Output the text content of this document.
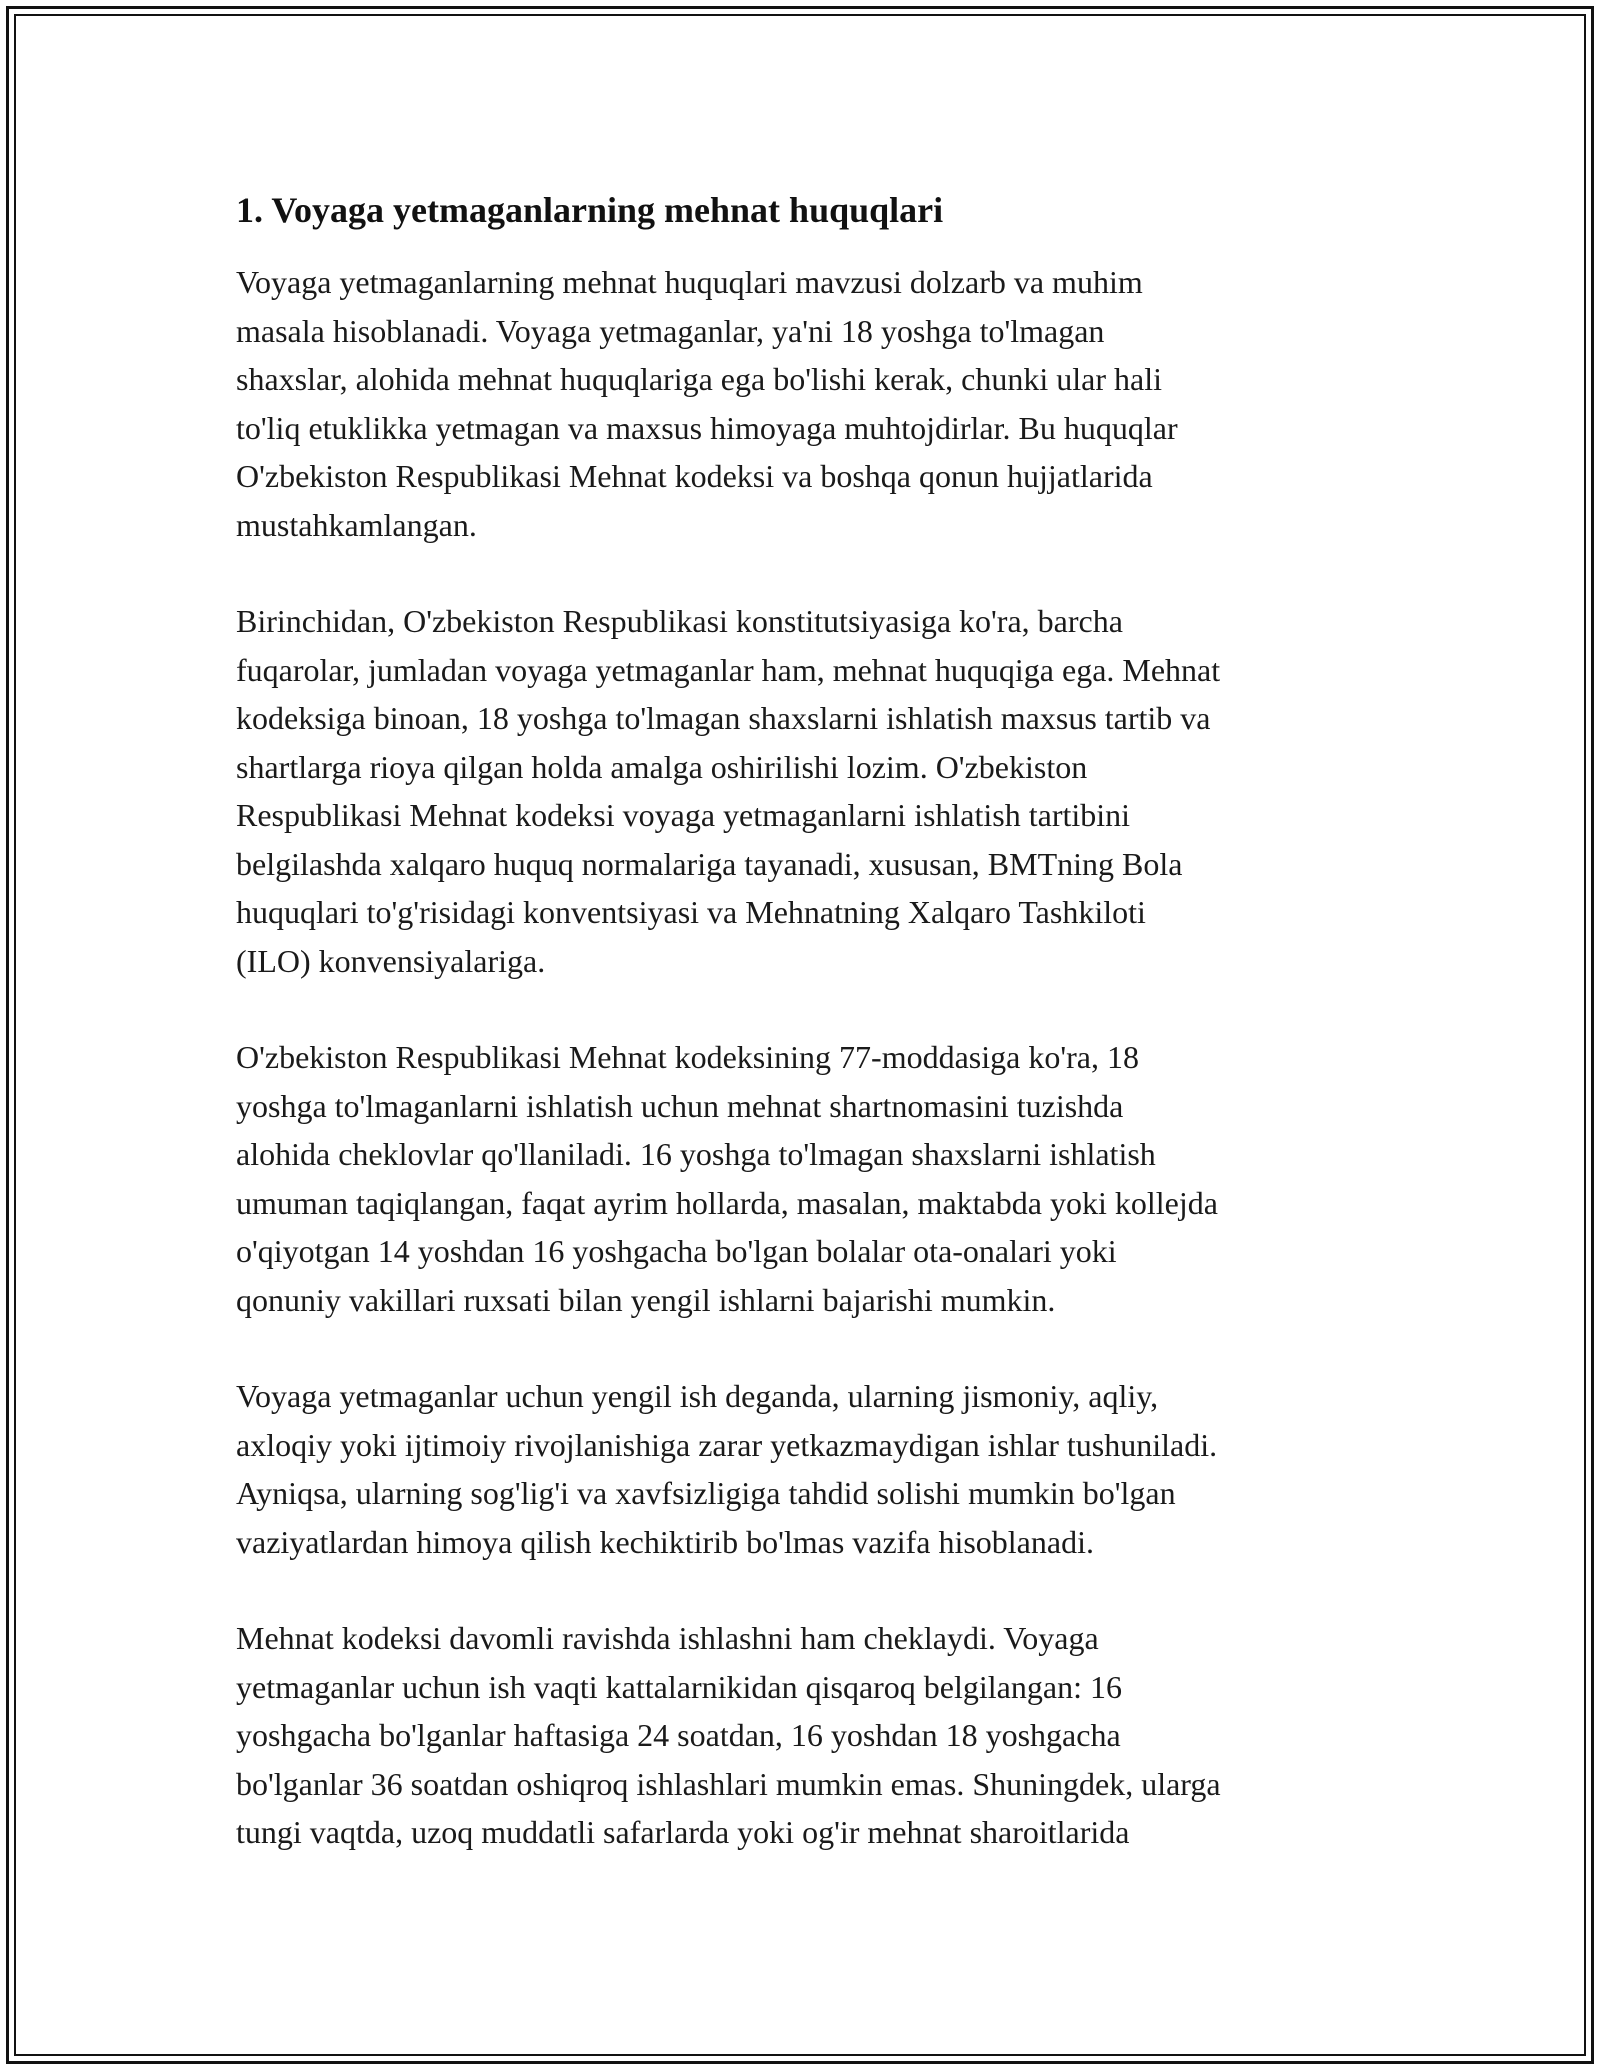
1. Voyaga yetmaganlarning mehnat huquqlari

Voyaga yetmaganlarning mehnat huquqlari mavzusi dolzarb va muhim
masala hisoblanadi. Voyaga yetmaganlar, ya'ni 18 yoshga to'lmagan
shaxslar, alohida mehnat huquqlariga ega bo'lishi kerak, chunki ular hali
to'liq etuklikka yetmagan va maxsus himoyaga muhtojdirlar. Bu huquqlar
O'zbekiston Respublikasi Mehnat kodeksi va boshqa qonun hujjatlarida
mustahkamlangan.

Birinchidan, O'zbekiston Respublikasi konstitutsiyasiga ko'ra, barcha
fuqarolar, jumladan voyaga yetmaganlar ham, mehnat huquqiga ega. Mehnat
kodeksiga binoan, 18 yoshga to'lmagan shaxslarni ishlatish maxsus tartib va
shartlarga rioya qilgan holda amalga oshirilishi lozim. O'zbekiston
Respublikasi Mehnat kodeksi voyaga yetmaganlarni ishlatish tartibini
belgilashda xalqaro huquq normalariga tayanadi, xususan, BMTning Bola
huquqlari to'g'risidagi konventsiyasi va Mehnatning Xalqaro Tashkiloti
(ILO) konvensiyalariga.

O'zbekiston Respublikasi Mehnat kodeksining 77-moddasiga ko'ra, 18
yoshga to'lmaganlarni ishlatish uchun mehnat shartnomasini tuzishda
alohida cheklovlar qo'llaniladi. 16 yoshga to'lmagan shaxslarni ishlatish
umuman taqiqlangan, faqat ayrim hollarda, masalan, maktabda yoki kollejda
o'qiyotgan 14 yoshdan 16 yoshgacha bo'lgan bolalar ota-onalari yoki
qonuniy vakillari ruxsati bilan yengil ishlarni bajarishi mumkin.

Voyaga yetmaganlar uchun yengil ish deganda, ularning jismoniy, aqliy,
axloqiy yoki ijtimoiy rivojlanishiga zarar yetkazmaydigan ishlar tushuniladi.
Ayniqsa, ularning sog'lig'i va xavfsizligiga tahdid solishi mumkin bo'lgan
vaziyatlardan himoya qilish kechiktirib bo'lmas vazifa hisoblanadi.

Mehnat kodeksi davomli ravishda ishlashni ham cheklaydi. Voyaga
yetmaganlar uchun ish vaqti kattalarnikidan qisqaroq belgilangan: 16
yoshgacha bo'lganlar haftasiga 24 soatdan, 16 yoshdan 18 yoshgacha
bo'lganlar 36 soatdan oshiqroq ishlashlari mumkin emas. Shuningdek, ularga
tungi vaqtda, uzoq muddatli safarlarda yoki og'ir mehnat sharoitlarida
